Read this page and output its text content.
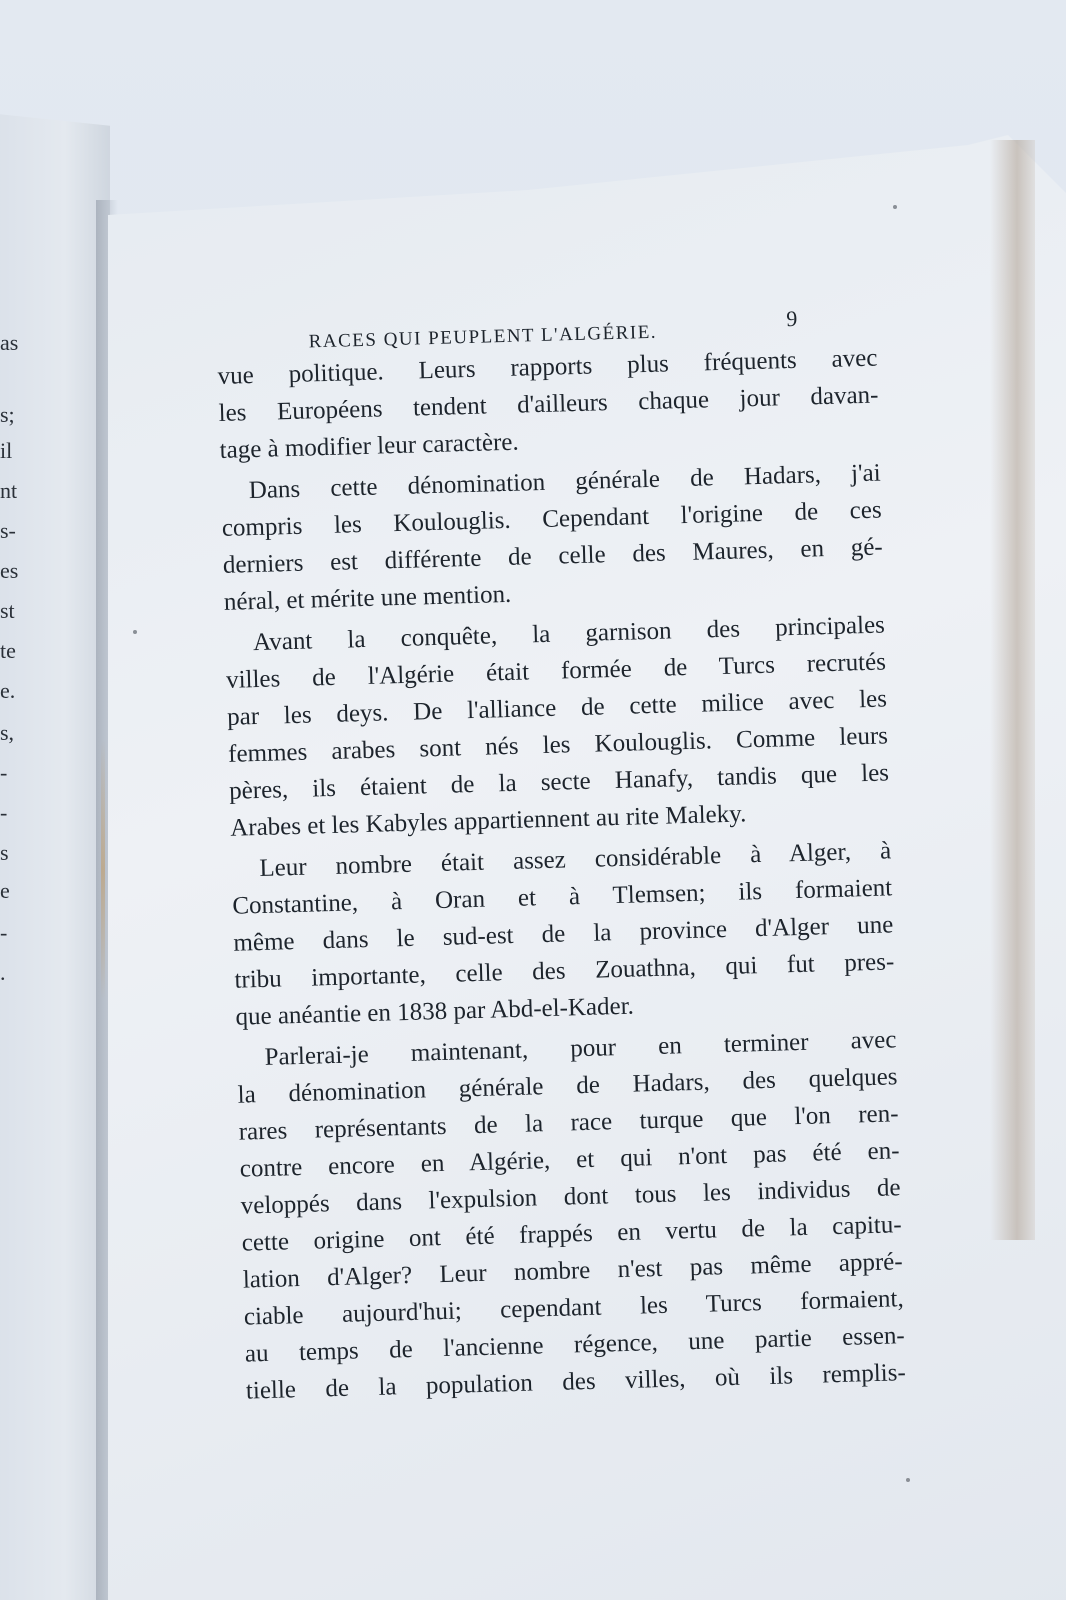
as
s;
il
nt
s-
es
st
te
e.
s,
-
-
s
e
-
.
RACES QUI PEUPLENT L'ALGÉRIE.
9

vue politique. Leurs rapports plus fréquents avec
les Européens tendent d'ailleurs chaque jour davan-
tage à modifier leur caractère.

Dans cette dénomination générale de Hadars, j'ai
compris les Koulouglis. Cependant l'origine de ces
derniers est différente de celle des Maures, en gé-
néral, et mérite une mention.

Avant la conquête, la garnison des principales
villes de l'Algérie était formée de Turcs recrutés
par les deys. De l'alliance de cette milice avec les
femmes arabes sont nés les Koulouglis. Comme leurs
pères, ils étaient de la secte Hanafy, tandis que les
Arabes et les Kabyles appartiennent au rite Maleky.

Leur nombre était assez considérable à Alger, à
Constantine, à Oran et à Tlemsen; ils formaient
même dans le sud-est de la province d'Alger une
tribu importante, celle des Zouathna, qui fut pres-
que anéantie en 1838 par Abd-el-Kader.

Parlerai-je maintenant, pour en terminer avec
la dénomination générale de Hadars, des quelques
rares représentants de la race turque que l'on ren-
contre encore en Algérie, et qui n'ont pas été en-
veloppés dans l'expulsion dont tous les individus de
cette origine ont été frappés en vertu de la capitu-
lation d'Alger? Leur nombre n'est pas même appré-
ciable aujourd'hui; cependant les Turcs formaient,
au temps de l'ancienne régence, une partie essen-
tielle de la population des villes, où ils remplis-
